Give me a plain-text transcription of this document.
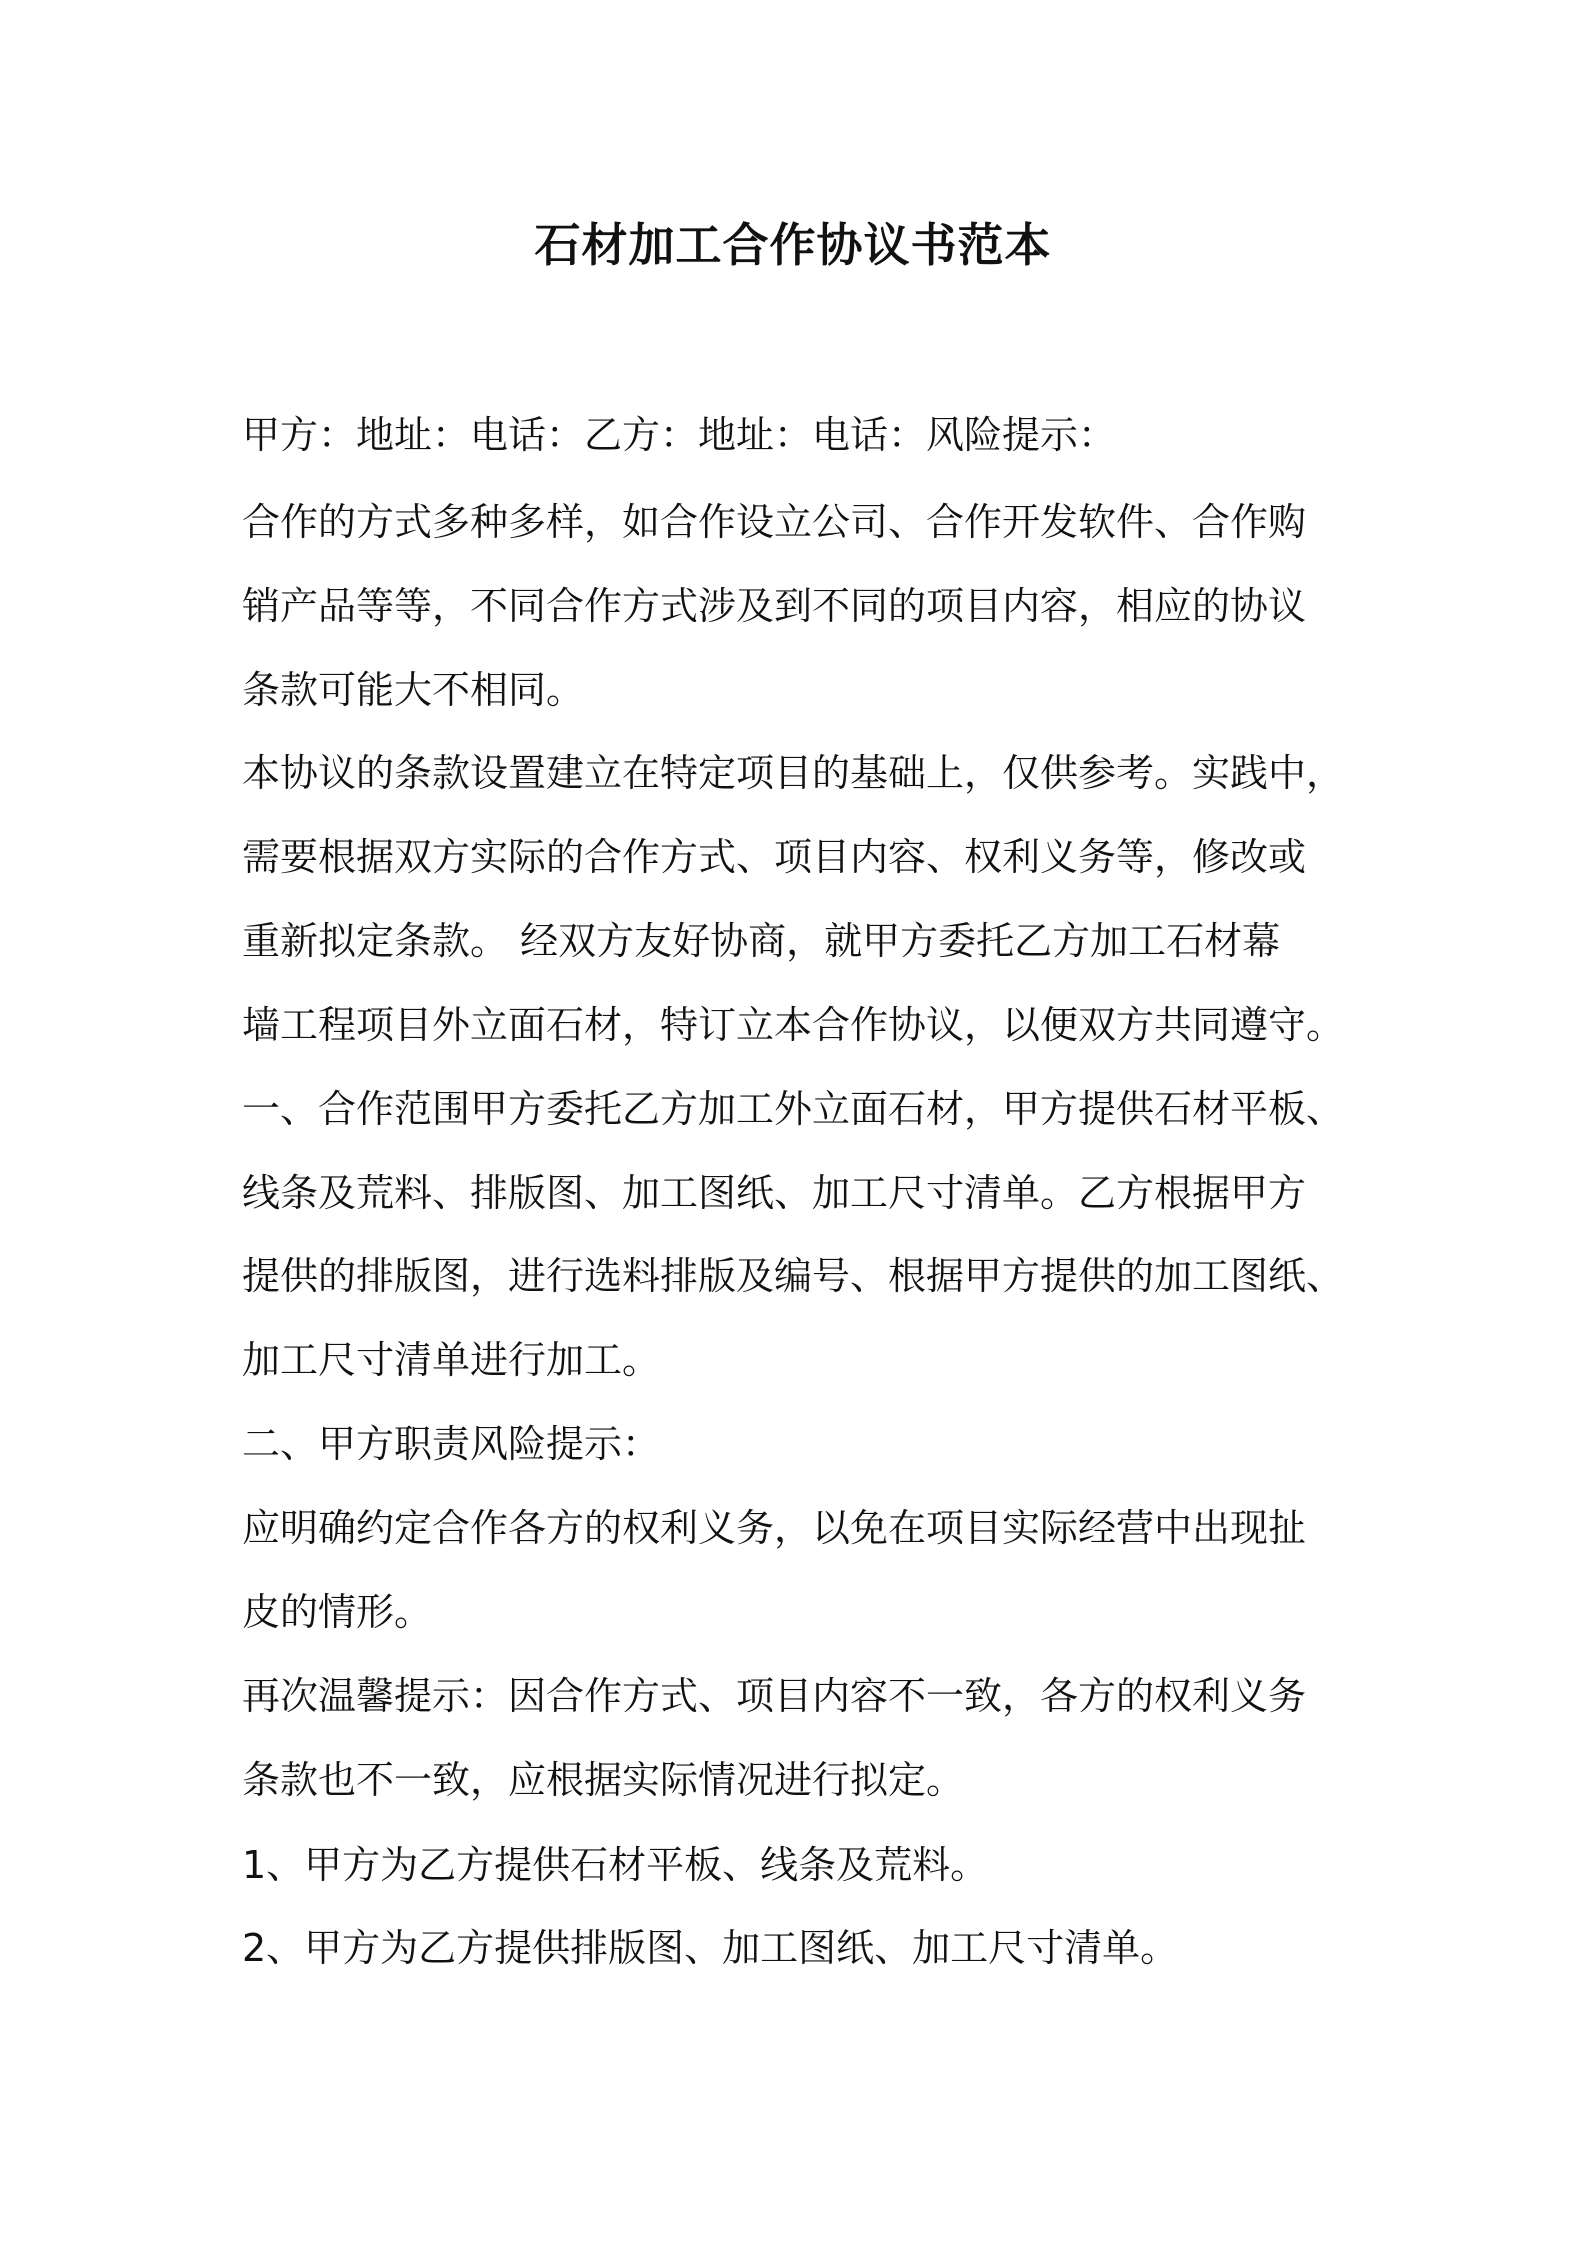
石材加工合作协议书范本
甲方：地址：电话：乙方：地址：电话：风险提示：
合作的方式多种多样，如合作设立公司、合作开发软件、合作购
销产品等等，不同合作方式涉及到不同的项目内容，相应的协议
条款可能大不相同。
本协议的条款设置建立在特定项目的基础上，仅供参考。实践中，
需要根据双方实际的合作方式、项目内容、权利义务等，修改或
重新拟定条款。 经双方友好协商，就甲方委托乙方加工石材幕
墙工程项目外立面石材，特订立本合作协议，以便双方共同遵守。
一、合作范围甲方委托乙方加工外立面石材，甲方提供石材平板、
线条及荒料、排版图、加工图纸、加工尺寸清单。乙方根据甲方
提供的排版图，进行选料排版及编号、根据甲方提供的加工图纸、
加工尺寸清单进行加工。
二、甲方职责风险提示：
应明确约定合作各方的权利义务，以免在项目实际经营中出现扯
皮的情形。
再次温馨提示：因合作方式、项目内容不一致，各方的权利义务
条款也不一致，应根据实际情况进行拟定。
1、甲方为乙方提供石材平板、线条及荒料。
2、甲方为乙方提供排版图、加工图纸、加工尺寸清单。
